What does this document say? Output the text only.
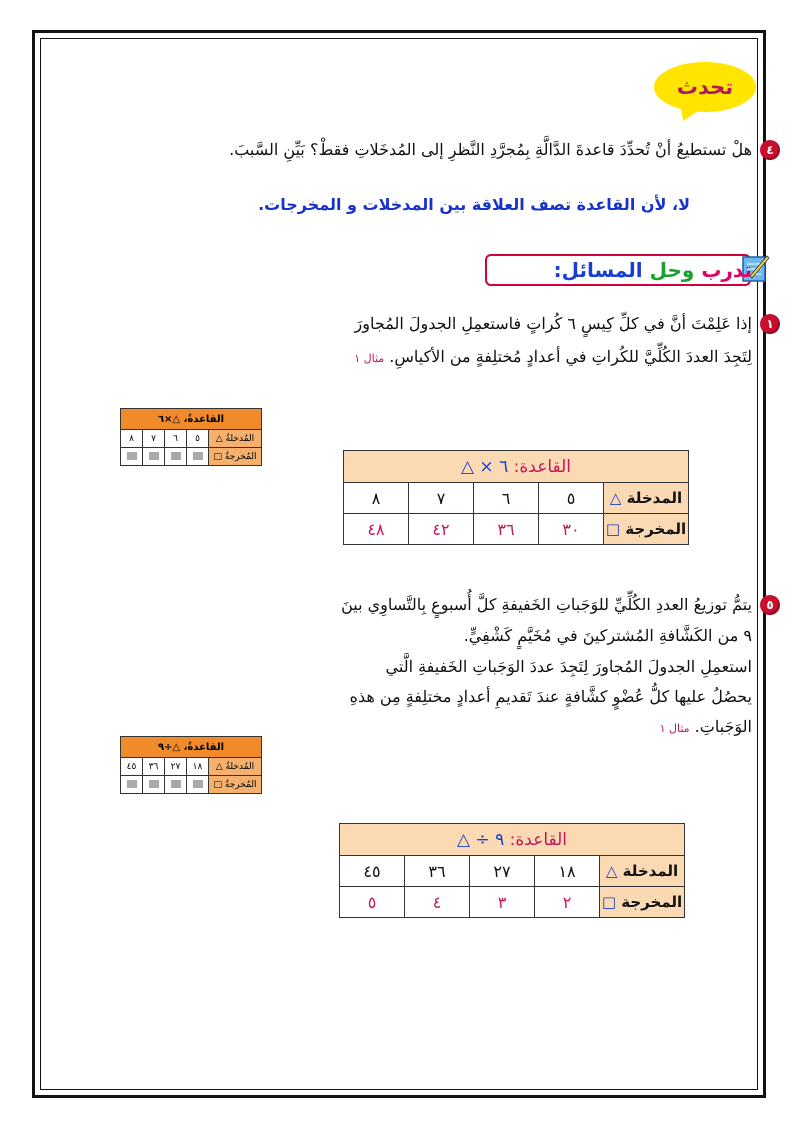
تحدث
٤
هلْ تستطيعُ أنْ تُحدِّدَ قاعدةَ الدَّالَّةِ بِمُجرَّدِ النَّظرِ إلى المُدخَلاتِ فقطْ؟ بَيِّنِ السَّببَ.
لا، لأن القاعدة تصف العلاقة بين المدخلات و المخرجات.
تدرب وحل المسائل:
١
إذا عَلِمْتَ أنَّ في كلِّ كِيسٍ ٦ كُراتٍ فاستعمِلِ الجدولَ المُجاورَ
لِتَجِدَ العددَ الكُلِّيَّ للكُراتِ في أعدادٍ مُختلِفةٍ من الأكياسِ. مثال ١
القاعدةُ، △×٦				
المُدخلةُ △	٥	٦	٧	٨
المُخرجةُ □					القاعدة: ٦ × △				
المدخلة △	٥	٦	٧	٨
المخرجة □	٣٠	٣٦	٤٢	٤٨
٥
يتمُّ توزيعُ العددِ الكُلِّيِّ للوَجَباتِ الخَفيفةِ كلَّ أُسبوعٍ بِالتَّساوِي بينَ
٩ من الكَشَّافةِ المُشتركينَ في مُخَيَّمٍ كَشْفِيٍّ.
استعمِلِ الجدولَ المُجاورَ لِتَجِدَ عددَ الوَجَباتِ الخَفيفةِ الَّتي
يحصُلُ عليها كلُّ عُضْوٍ كشَّافةٍ عندَ تَقديمِ أعدادٍ مختلِفةٍ مِن هذهِ
الوَجَباتِ. مثال ١
القاعدةُ، △÷٩				
المُدخلةُ △	١٨	٢٧	٣٦	٤٥
المُخرجةُ □				
القاعدة: ٩ ÷ △				
المدخلة △	١٨	٢٧	٣٦	٤٥
المخرجة □	٢	٣	٤	٥
